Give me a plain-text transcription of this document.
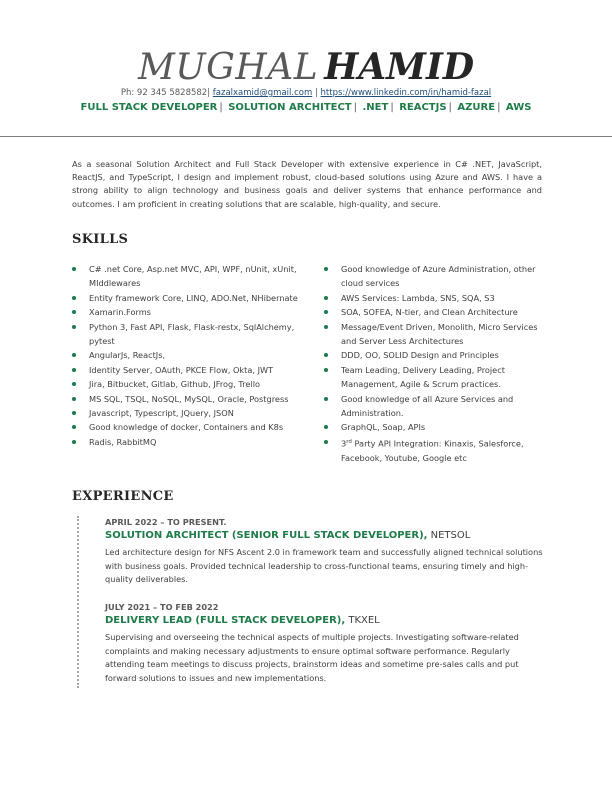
MUGHAL HAMID
Ph: 92 345 5828582| fazalxamid@gmail.com | https://www.linkedin.com/in/hamid-fazal
FULL STACK DEVELOPER | SOLUTION ARCHITECT | .NET | REACTJS | AZURE | AWS
As a seasonal Solution Architect and Full Stack Developer with extensive experience in C# .NET, JavaScript, ReactJS, and TypeScript, I design and implement robust, cloud-based solutions using Azure and AWS. I have a strong ability to align technology and business goals and deliver systems that enhance performance and outcomes. I am proficient in creating solutions that are scalable, high-quality, and secure.
SKILLS
C# .net Core, Asp.net MVC, API, WPF, nUnit, xUnit, MIddlewares
Entity framework Core, LINQ, ADO.Net, NHibernate
Xamarin.Forms
Python 3, Fast API, Flask, Flask-restx, SqlAlchemy, pytest
AngularJs, ReactJs,
Identity Server, OAuth, PKCE Flow, Okta, JWT
Jira, Bitbucket, Gitlab, Github, JFrog, Trello
MS SQL, TSQL, NoSQL, MySQL, Oracle, Postgress
Javascript, Typescript, JQuery, JSON
Good knowledge of docker, Containers and K8s
Radis, RabbitMQ
Good knowledge of Azure Administration, other cloud services
AWS Services: Lambda, SNS, SQA, S3
SOA, SOFEA, N-tier, and Clean Architecture
Message/Event Driven, Monolith, Micro Services and Server Less Architectures
DDD, OO, SOLID Design and Principles
Team Leading, Delivery Leading, Project Management, Agile & Scrum practices.
Good knowledge of all Azure Services and Administration.
GraphQL, Soap, APIs
3rd Party API Integration: Kinaxis, Salesforce, Facebook, Youtube, Google etc
EXPERIENCE
APRIL 2022 – TO PRESENT.
SOLUTION ARCHITECT (SENIOR FULL STACK DEVELOPER), NETSOL
Led architecture design for NFS Ascent 2.0 in framework team and successfully aligned technical solutions with business goals. Provided technical leadership to cross-functional teams, ensuring timely and high-quality deliverables.
JULY 2021 – TO FEB 2022
DELIVERY LEAD (FULL STACK DEVELOPER), TKXEL
Supervising and overseeing the technical aspects of multiple projects. Investigating software-related complaints and making necessary adjustments to ensure optimal software performance. Regularly attending team meetings to discuss projects, brainstorm ideas and sometime pre-sales calls and put forward solutions to issues and new implementations.
